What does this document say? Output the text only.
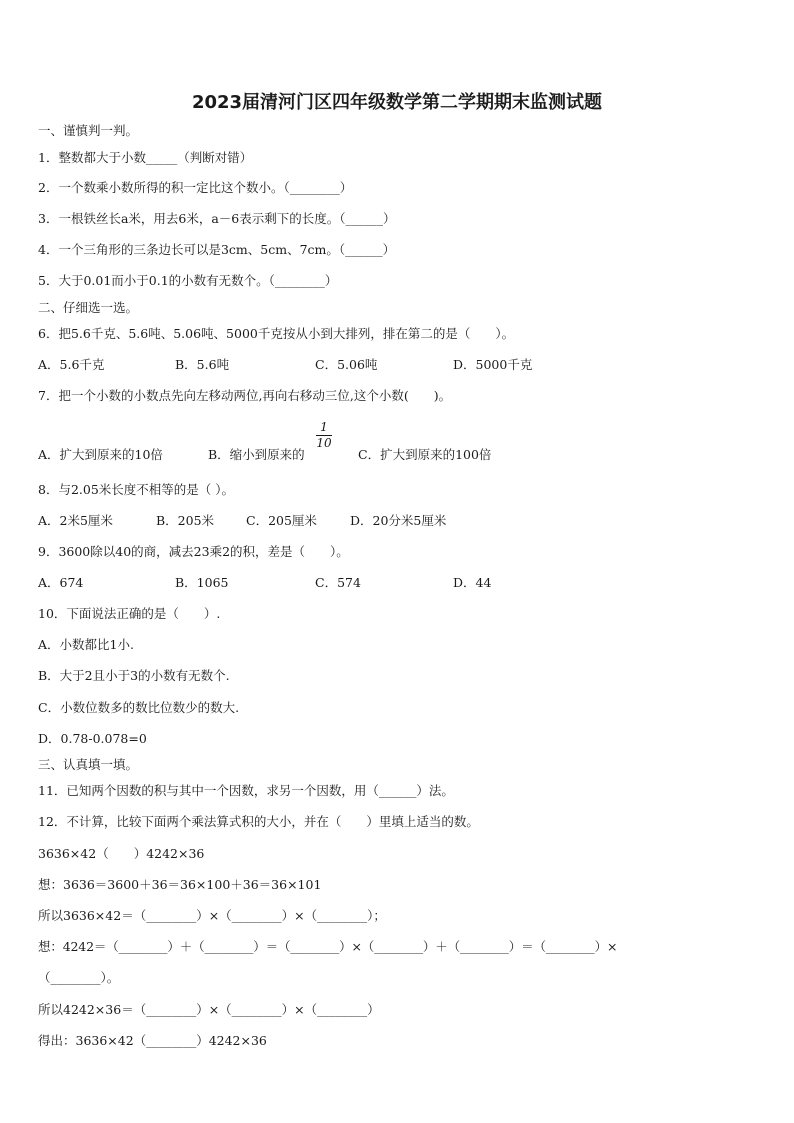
2023届清河门区四年级数学第二学期期末监测试题
一、谨慎判一判。
1．整数都大于小数_____（判断对错）
2．一个数乘小数所得的积一定比这个数小。（________）
3．一根铁丝长a米，用去6米，a－6表示剩下的长度。（______）
4．一个三角形的三条边长可以是3cm、5cm、7cm。（______）
5．大于0.01而小于0.1的小数有无数个。（________）
二、仔细选一选。
6．把5.6千克、5.6吨、5.06吨、5000千克按从小到大排列，排在第二的是（　　）。
A．5.6千克	B．5.6吨	C．5.06吨	D．5000千克
7．把一个小数的小数点先向左移动两位,再向右移动三位,这个小数(　　)。
A．扩大到原来的10倍	B．缩小到原来的
1
10
C．扩大到原来的100倍
8．与2.05米长度不相等的是（ ）。
A．2米5厘米	B．205米	C．205厘米	D．20分米5厘米
9．3600除以40的商，减去23乘2的积，差是（　　）。
A．674	B．1065	C．574	D．44
10．下面说法正确的是（　　）.
A．小数都比1小.
B．大于2且小于3的小数有无数个.
C．小数位数多的数比位数少的数大.
D．0.78-0.078=0
三、认真填一填。
11．已知两个因数的积与其中一个因数，求另一个因数，用（______）法。
12．不计算，比较下面两个乘法算式积的大小，并在（　　）里填上适当的数。
3636×42（　　）4242×36
想：3636＝3600＋36＝36×100＋36＝36×101
所以3636×42＝（________）×（________）×（________）；
想：4242＝（________）＋（________）＝（________）×（________）＋（________）＝（________）×
（________）。
所以4242×36＝（________）×（________）×（________）
得出：3636×42（________）4242×36
